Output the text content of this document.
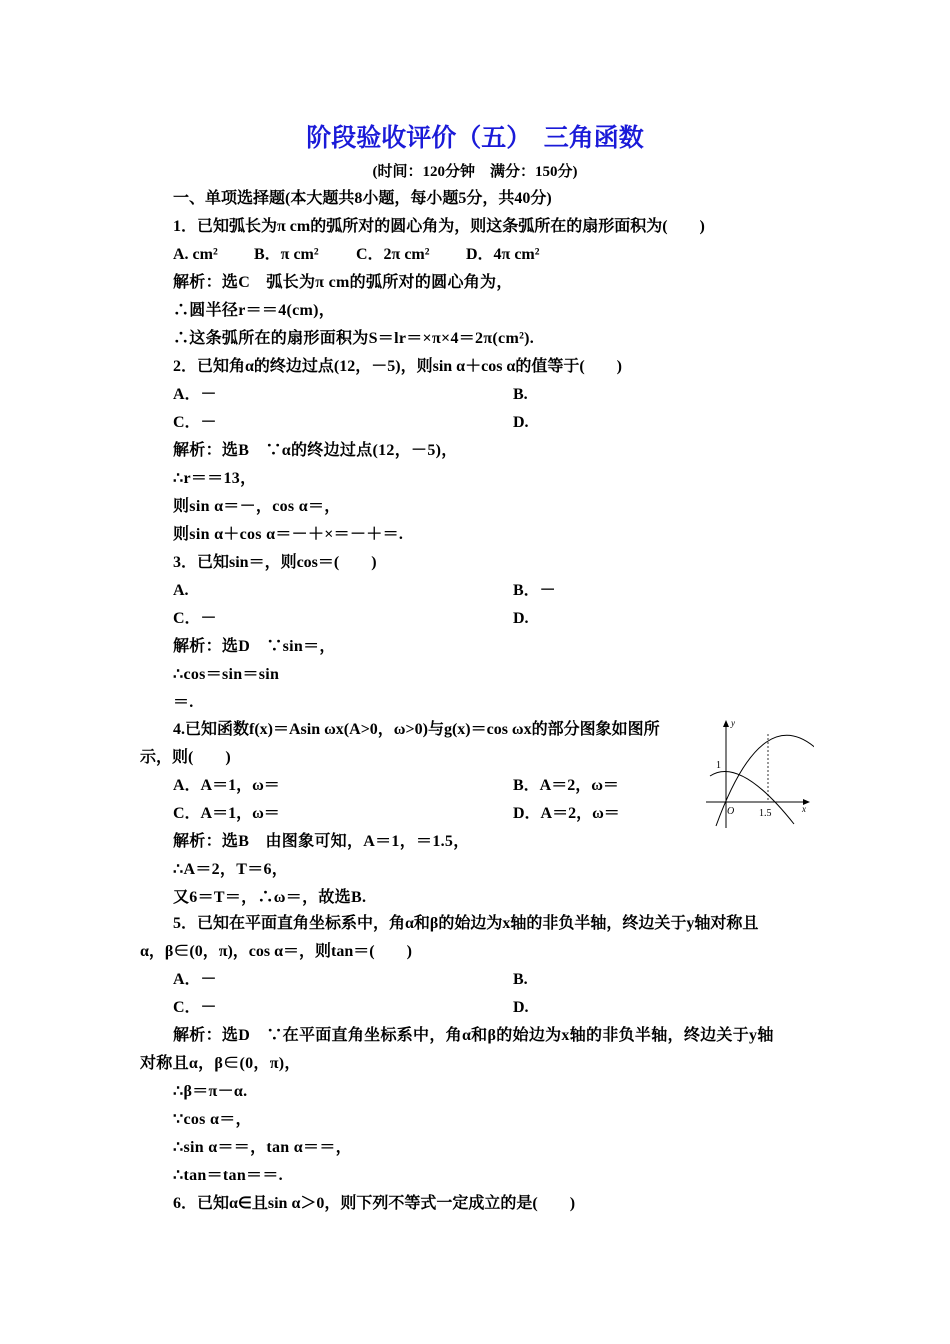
阶段验收评价（五）　三角函数
(时间：120分钟　满分：150分)
一、单项选择题(本大题共8小题，每小题5分，共40分)
1．已知弧长为π cm的弧所对的圆心角为，则这条弧所在的扇形面积为(　　)
A. cm² B．π cm² C．2π cm² D．4π cm²
解析：选C　弧长为π cm的弧所对的圆心角为，
∴圆半径r＝＝4(cm)，
∴这条弧所在的扇形面积为S＝lr＝×π×4＝2π(cm²).
2．已知角α的终边过点(12，－5)，则sin α＋cos α的值等于(　　)
A．－	B.
C．－	D.
解析：选B　∵α的终边过点(12，－5)，
∴r＝＝13，
则sin α＝－，cos α＝，
则sin α＋cos α＝－＋×＝－＋＝.
3．已知sin＝，则cos＝(　　)
A.	B．－
C．－	D.
解析：选D　∵sin＝，
∴cos＝sin＝sin
＝.
4.已知函数f(x)＝Asin ωx(A>0，ω>0)与g(x)＝cos ωx的部分图象如图所
示，则(　　)
A．A＝1，ω＝	B．A＝2，ω＝
C．A＝1，ω＝	D．A＝2，ω＝
解析：选B　由图象可知，A＝1，＝1.5，
∴A＝2，T＝6，
又6＝T＝，∴ω＝，故选B.
y
x
O
1
1.5
5．已知在平面直角坐标系中，角α和β的始边为x轴的非负半轴，终边关于y轴对称且
α，β∈(0，π)，cos α＝，则tan＝(　　)
A．－	B.
C．－	D.
解析：选D　∵在平面直角坐标系中，角α和β的始边为x轴的非负半轴，终边关于y轴
对称且α，β∈(0，π)，
∴β＝π－α.
∵cos α＝，
∴sin α＝＝，tan α＝＝，
∴tan＝tan＝＝.
6．已知α∈且sin α＞0，则下列不等式一定成立的是(　　)
